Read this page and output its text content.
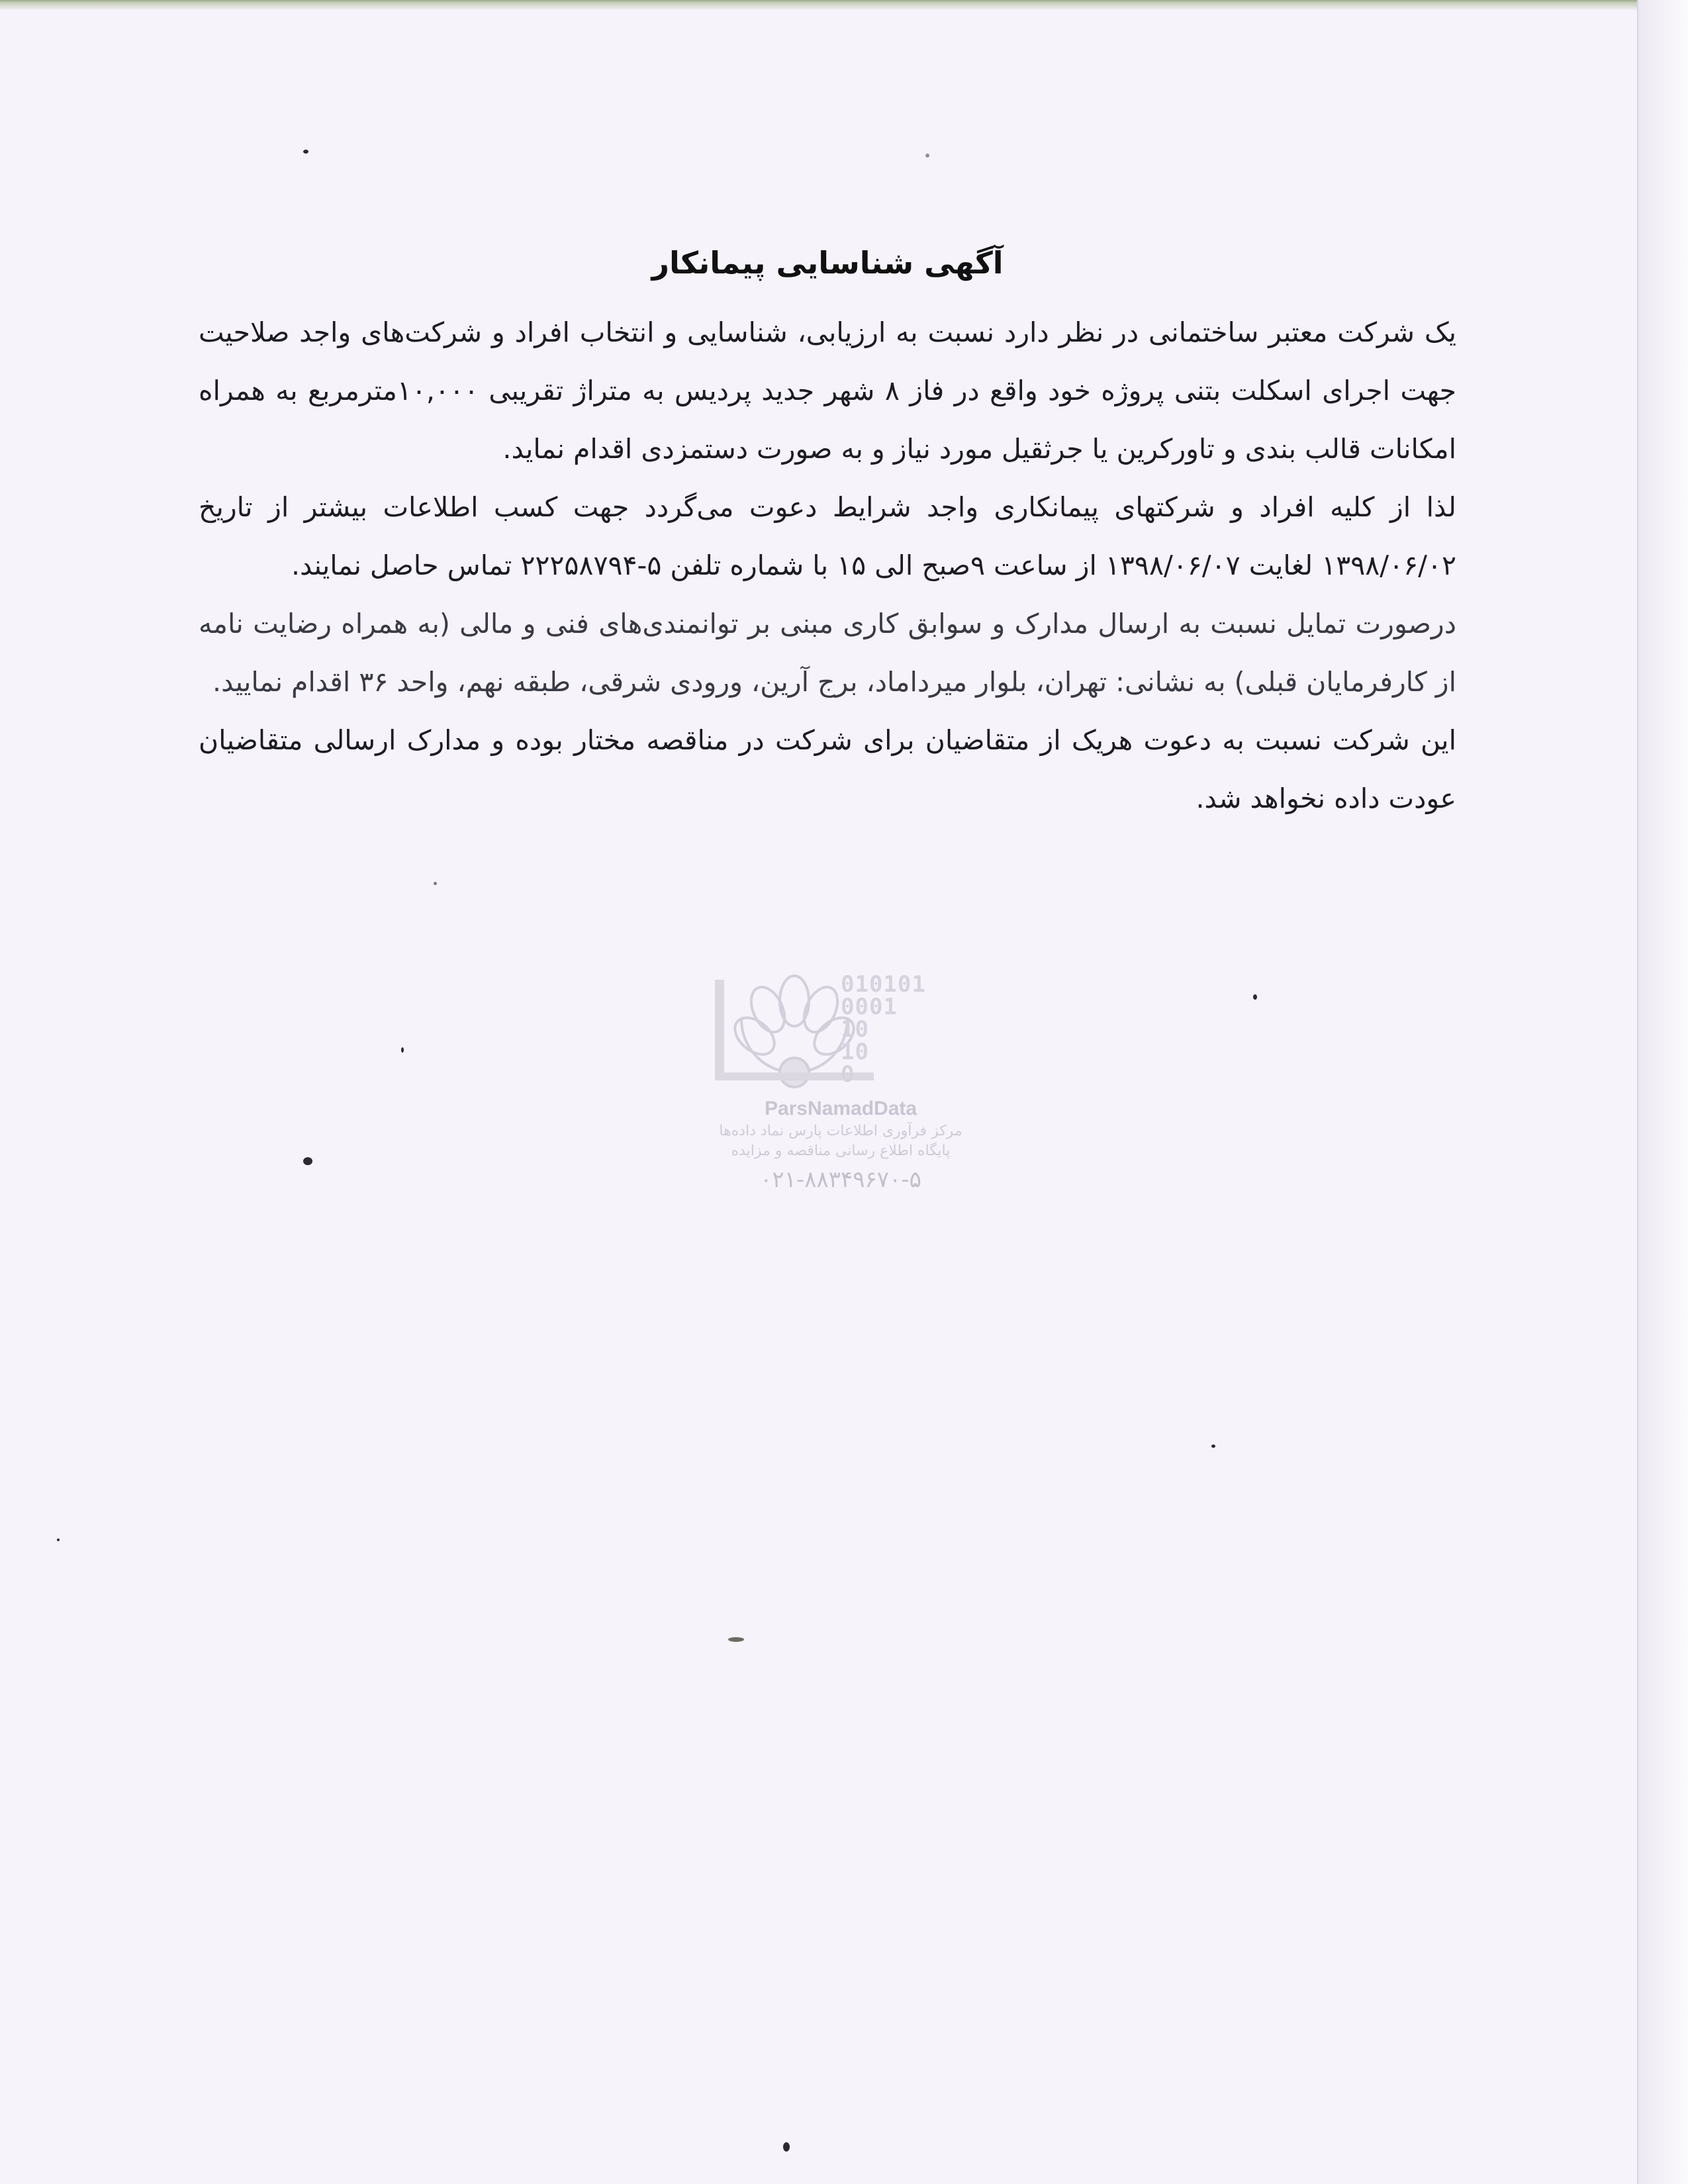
آگهی شناسایی پیمانکار

یک شرکت معتبر ساختمانی در نظر دارد نسبت به ارزیابی، شناسایی و انتخاب افراد و شرکت‌های واجد صلاحیت جهت اجرای اسکلت بتنی پروژه خود واقع در فاز ۸ شهر جدید پردیس به متراژ تقریبی ۱۰,۰۰۰مترمربع به همراه امکانات قالب بندی و تاورکرین یا جرثقیل مورد نیاز و به صورت دستمزدی اقدام نماید.

لذا از کلیه افراد و شرکتهای پیمانکاری واجد شرایط دعوت می‌گردد جهت کسب اطلاعات بیشتر از تاریخ ۱۳۹۸/۰۶/۰۲ لغایت ۱۳۹۸/۰۶/۰۷ از ساعت ۹صبح الی ۱۵ با شماره تلفن ۵-۲۲۲۵۸۷۹۴ تماس حاصل نمایند.

درصورت تمایل نسبت به ارسال مدارک و سوابق کاری مبنی بر توانمندی‌های فنی و مالی (به همراه رضایت نامه از کارفرمایان قبلی) به نشانی: تهران، بلوار میرداماد، برج آرین، ورودی شرقی، طبقه نهم، واحد ۳۶ اقدام نمایید.

این شرکت نسبت به دعوت هریک از متقاضیان برای شرکت در مناقصه مختار بوده و مدارک ارسالی متقاضیان عودت داده نخواهد شد.

010101
0001
10
10
0
ParsNamadData
مرکز فرآوری اطلاعات پارس نماد داده‌ها
پایگاه اطلاع رسانی مناقصه و مزایده
۰۲۱-۸۸۳۴۹۶۷۰-۵
